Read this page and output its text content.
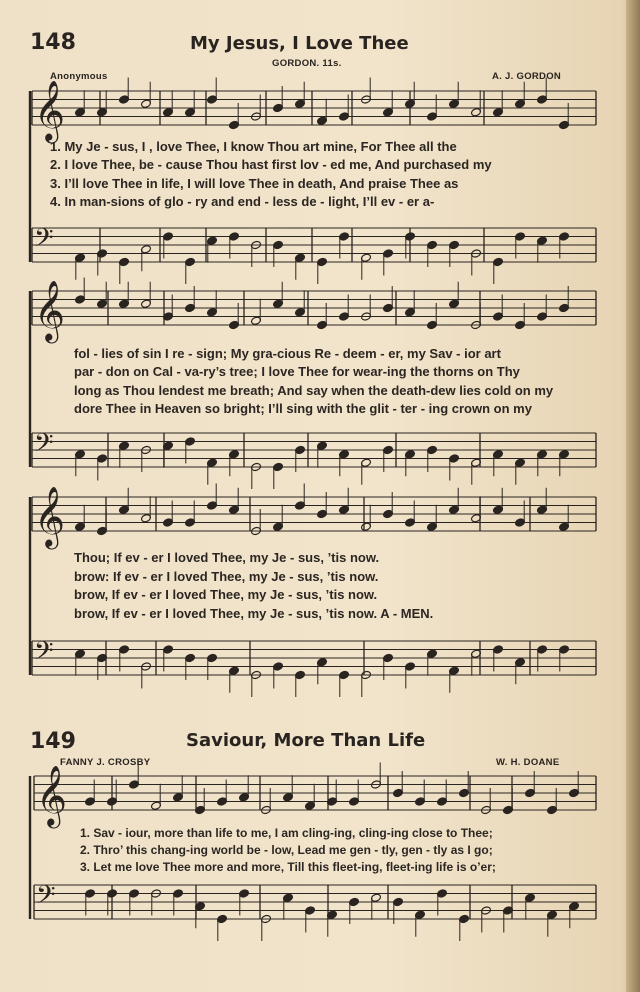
148	My Jesus, I Love Thee
GORDON. 11s.
Anonymous	A. J. GORDON
1. My Je - sus, I , love Thee, I know Thou art mine, For Thee all the
2. I love Thee, be - cause Thou hast first lov - ed me, And purchased my
3. I’ll love Thee in life, I will love Thee in death, And praise Thee as
4. In man-sions of glo - ry and end - less de - light, I’ll ev - er a-
fol - lies of sin I re - sign; My gra-cious Re - deem - er, my Sav - ior art
par - don on Cal - va-ry’s tree; I love Thee for wear-ing the thorns on Thy
long as Thou lendest me breath; And say when the death-dew lies cold on my
dore Thee in Heaven so bright; I’ll sing with the glit - ter - ing crown on my
Thou; If ev - er I loved Thee, my Je - sus, ’tis now.
brow: If ev - er I loved Thee, my Je - sus, ’tis now.
brow, If ev - er I loved Thee, my Je - sus, ’tis now.
brow, If ev - er I loved Thee, my Je - sus, ’tis now. A - MEN.
149	Saviour, More Than Life
FANNY J. CROSBY	W. H. DOANE
1. Sav - iour, more than life to me, I am cling-ing, cling-ing close to Thee;
2. Thro’ this chang-ing world be - low, Lead me gen - tly, gen - tly as I go;
3. Let me love Thee more and more, Till this fleet-ing, fleet-ing life is o’er;
𝄞
𝄢
𝄞
𝄢
𝄞
𝄢
𝄞
𝄢
